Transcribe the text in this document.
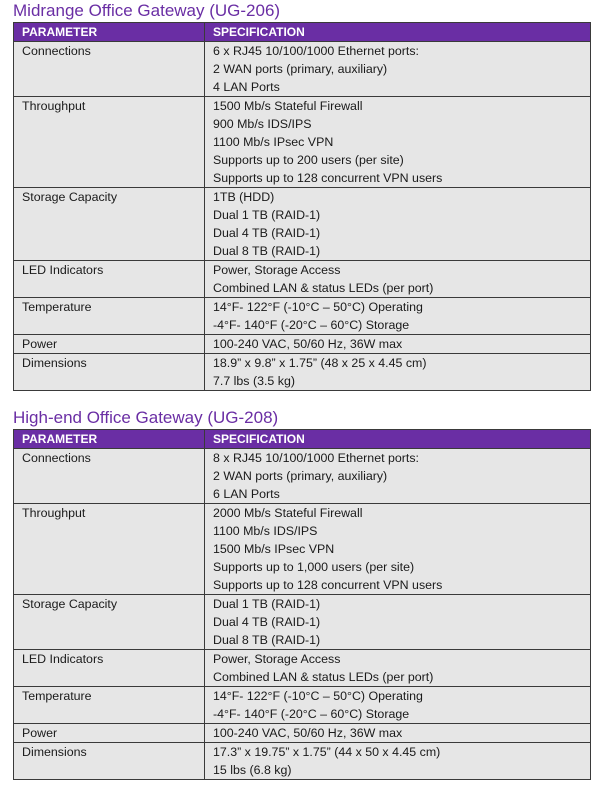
Midrange Office Gateway (UG-206)
PARAMETER	SPECIFICATION
Connections	6 x RJ45 10/100/1000 Ethernet ports:
2 WAN ports (primary, auxiliary)
4 LAN Ports

Throughput	1500 Mb/s Stateful Firewall
900 Mb/s IDS/IPS
1100 Mb/s IPsec VPN
Supports up to 200 users (per site)
Supports up to 128 concurrent VPN users

Storage Capacity	1TB (HDD)
Dual 1 TB (RAID-1)
Dual 4 TB (RAID-1)
Dual 8 TB (RAID-1)

LED Indicators	Power, Storage Access
Combined LAN & status LEDs (per port)

Temperature	14°F- 122°F (-10°C – 50°C) Operating
-4°F- 140°F (-20°C – 60°C) Storage

Power	100-240 VAC, 50/60 Hz, 36W max

Dimensions	18.9” x 9.8” x 1.75” (48 x 25 x 4.45 cm)
7.7 lbs (3.5 kg)
High-end Office Gateway (UG-208)
PARAMETER	SPECIFICATION
Connections	8 x RJ45 10/100/1000 Ethernet ports:
2 WAN ports (primary, auxiliary)
6 LAN Ports

Throughput	2000 Mb/s Stateful Firewall
1100 Mb/s IDS/IPS
1500 Mb/s IPsec VPN
Supports up to 1,000 users (per site)
Supports up to 128 concurrent VPN users

Storage Capacity	Dual 1 TB (RAID-1)
Dual 4 TB (RAID-1)
Dual 8 TB (RAID-1)

LED Indicators	Power, Storage Access
Combined LAN & status LEDs (per port)

Temperature	14°F- 122°F (-10°C – 50°C) Operating
-4°F- 140°F (-20°C – 60°C) Storage

Power	100-240 VAC, 50/60 Hz, 36W max

Dimensions	17.3” x 19.75” x 1.75” (44 x 50 x 4.45 cm)
15 lbs (6.8 kg)
